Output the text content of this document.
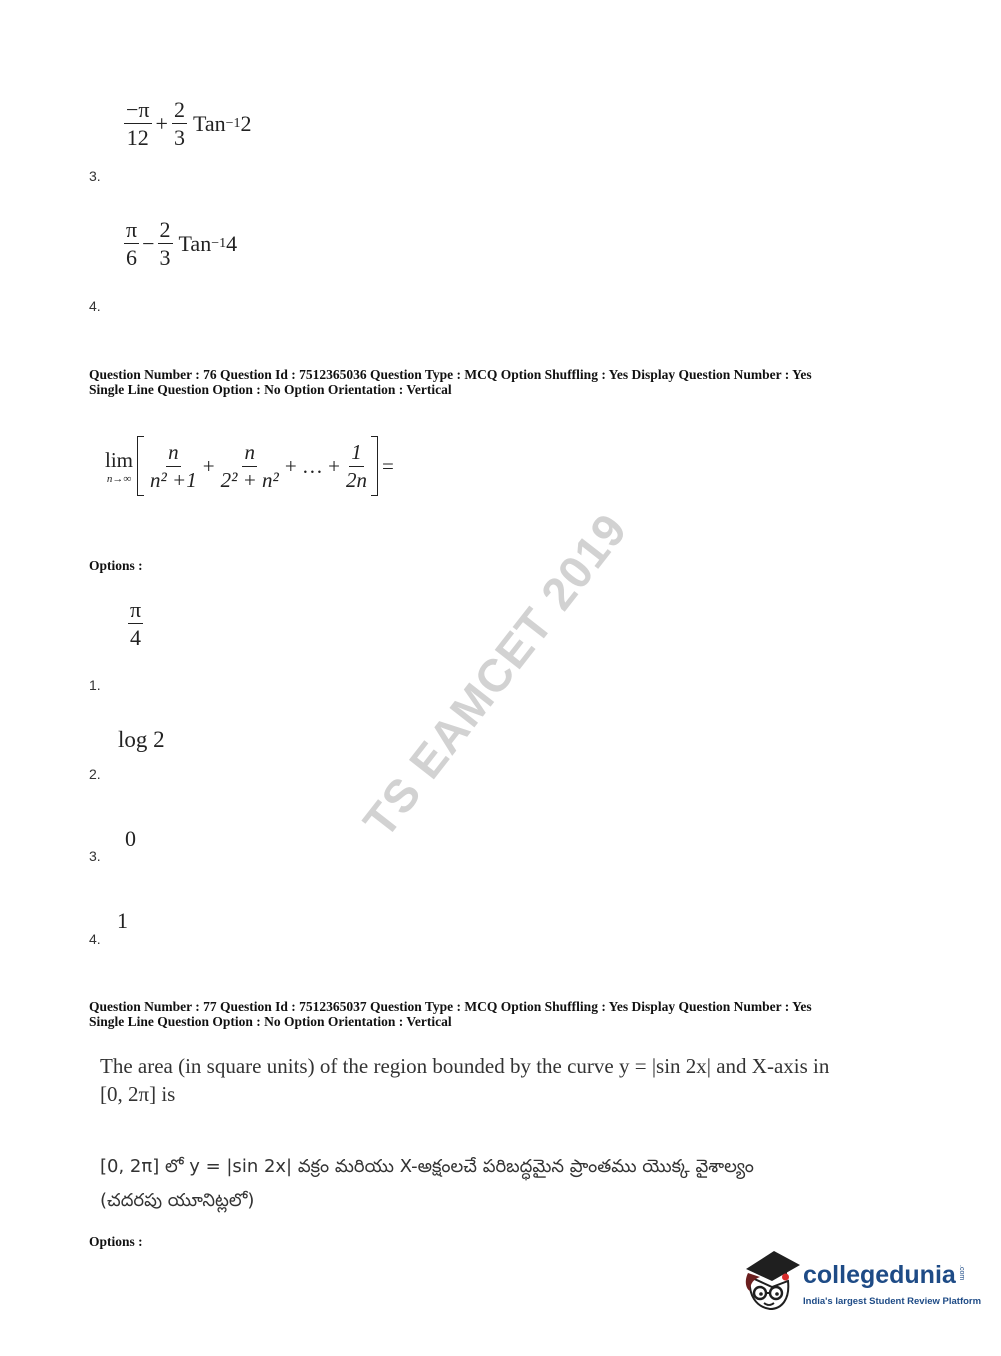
$\frac{-\pi}{12} + \frac{2}{3}$ Tan −1 2
3.
$\frac{\pi}{6} - \frac{2}{3}$ Tan −1 4
4.
Question Number : 76 Question Id : 7512365036 Question Type : MCQ Option Shuffling : Yes Display Question Number : Yes
Single Line Question Option : No Option Orientation : Vertical
lim
$n\to\infty \frac{n}{\text{n² +1}} + \frac{n}{\text{2² + n²}}$ + … + $\frac{1}{2n}$ =
Options :
$\frac{\pi}{4}$
1.
log 2
2.
0
3.
1
4.
Question Number : 77 Question Id : 7512365037 Question Type : MCQ Option Shuffling : Yes Display Question Number : Yes
Single Line Question Option : No Option Orientation : Vertical
The area (in square units) of the region bounded by the curve y = |sin 2x| and X-axis in
[0, 2π] is
[0, 2π] లో y = |sin 2x| వక్రం మరియు X-అక్షంలచే పరిబద్ధమైన ప్రాంతము యొక్క వైశాల్యం
(చదరపు యూనిట్లలో)
Options :
TS EAMCET 2019
collegedunia .com
India's largest Student Review Platform
